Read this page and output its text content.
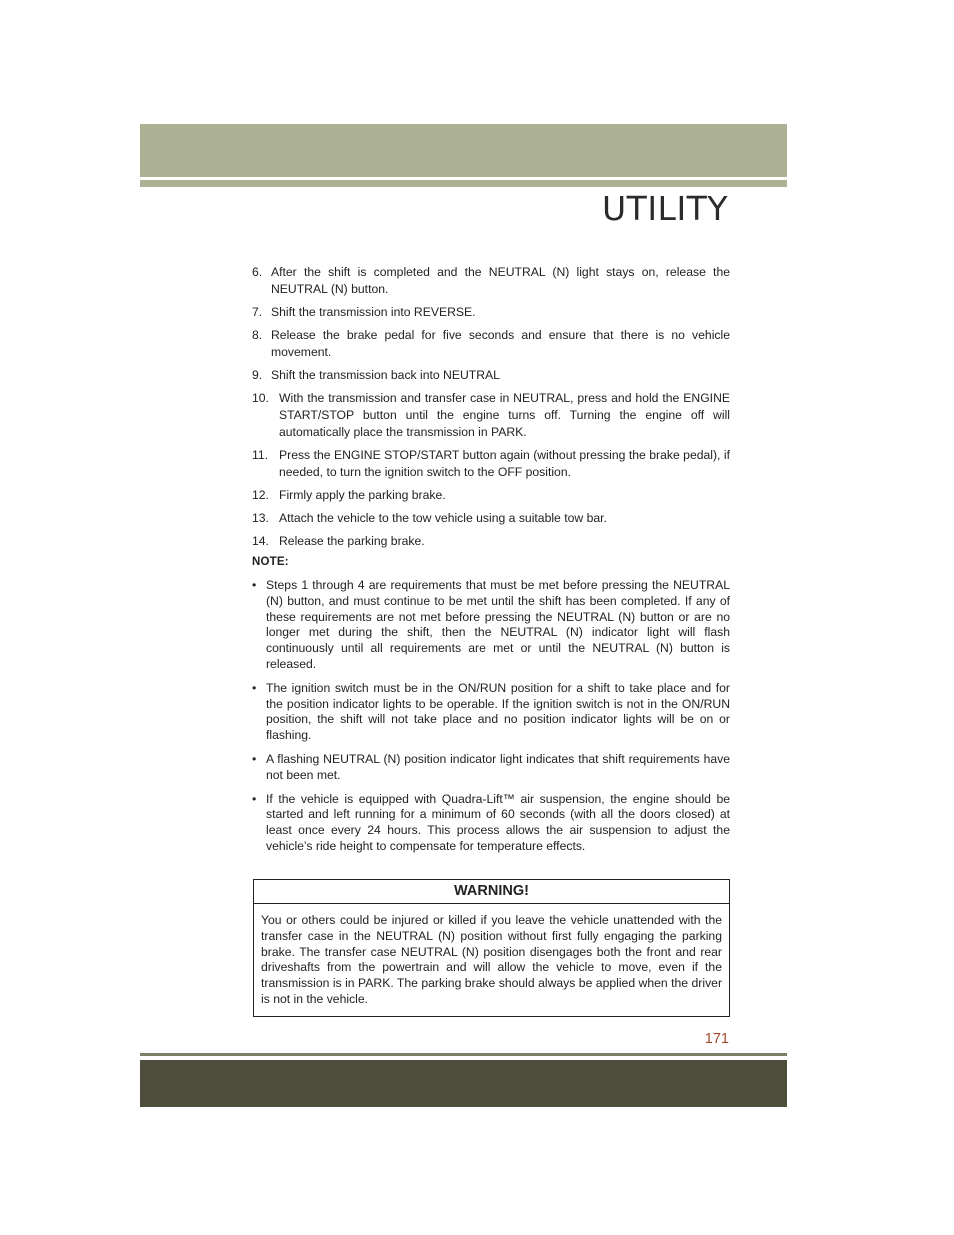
UTILITY
6. After the shift is completed and the NEUTRAL (N) light stays on, release the NEUTRAL (N) button.
7. Shift the transmission into REVERSE.
8. Release the brake pedal for five seconds and ensure that there is no vehicle movement.
9. Shift the transmission back into NEUTRAL
10. With the transmission and transfer case in NEUTRAL, press and hold the ENGINE START/STOP button until the engine turns off. Turning the engine off will automatically place the transmission in PARK.
11. Press the ENGINE STOP/START button again (without pressing the brake pedal), if needed, to turn the ignition switch to the OFF position.
12. Firmly apply the parking brake.
13. Attach the vehicle to the tow vehicle using a suitable tow bar.
14. Release the parking brake.
NOTE:
• Steps 1 through 4 are requirements that must be met before pressing the NEUTRAL (N) button, and must continue to be met until the shift has been completed. If any of these requirements are not met before pressing the NEUTRAL (N) button or are no longer met during the shift, then the NEUTRAL (N) indicator light will flash continuously until all requirements are met or until the NEUTRAL (N) button is released.
• The ignition switch must be in the ON/RUN position for a shift to take place and for the position indicator lights to be operable. If the ignition switch is not in the ON/RUN position, the shift will not take place and no position indicator lights will be on or flashing.
• A flashing NEUTRAL (N) position indicator light indicates that shift requirements have not been met.
• If the vehicle is equipped with Quadra-Lift™ air suspension, the engine should be started and left running for a minimum of 60 seconds (with all the doors closed) at least once every 24 hours. This process allows the air suspension to adjust the vehicle’s ride height to compensate for temperature effects.
WARNING!
You or others could be injured or killed if you leave the vehicle unattended with the transfer case in the NEUTRAL (N) position without first fully engaging the parking brake. The transfer case NEUTRAL (N) position disengages both the front and rear driveshafts from the powertrain and will allow the vehicle to move, even if the transmission is in PARK. The parking brake should always be applied when the driver is not in the vehicle.
171
